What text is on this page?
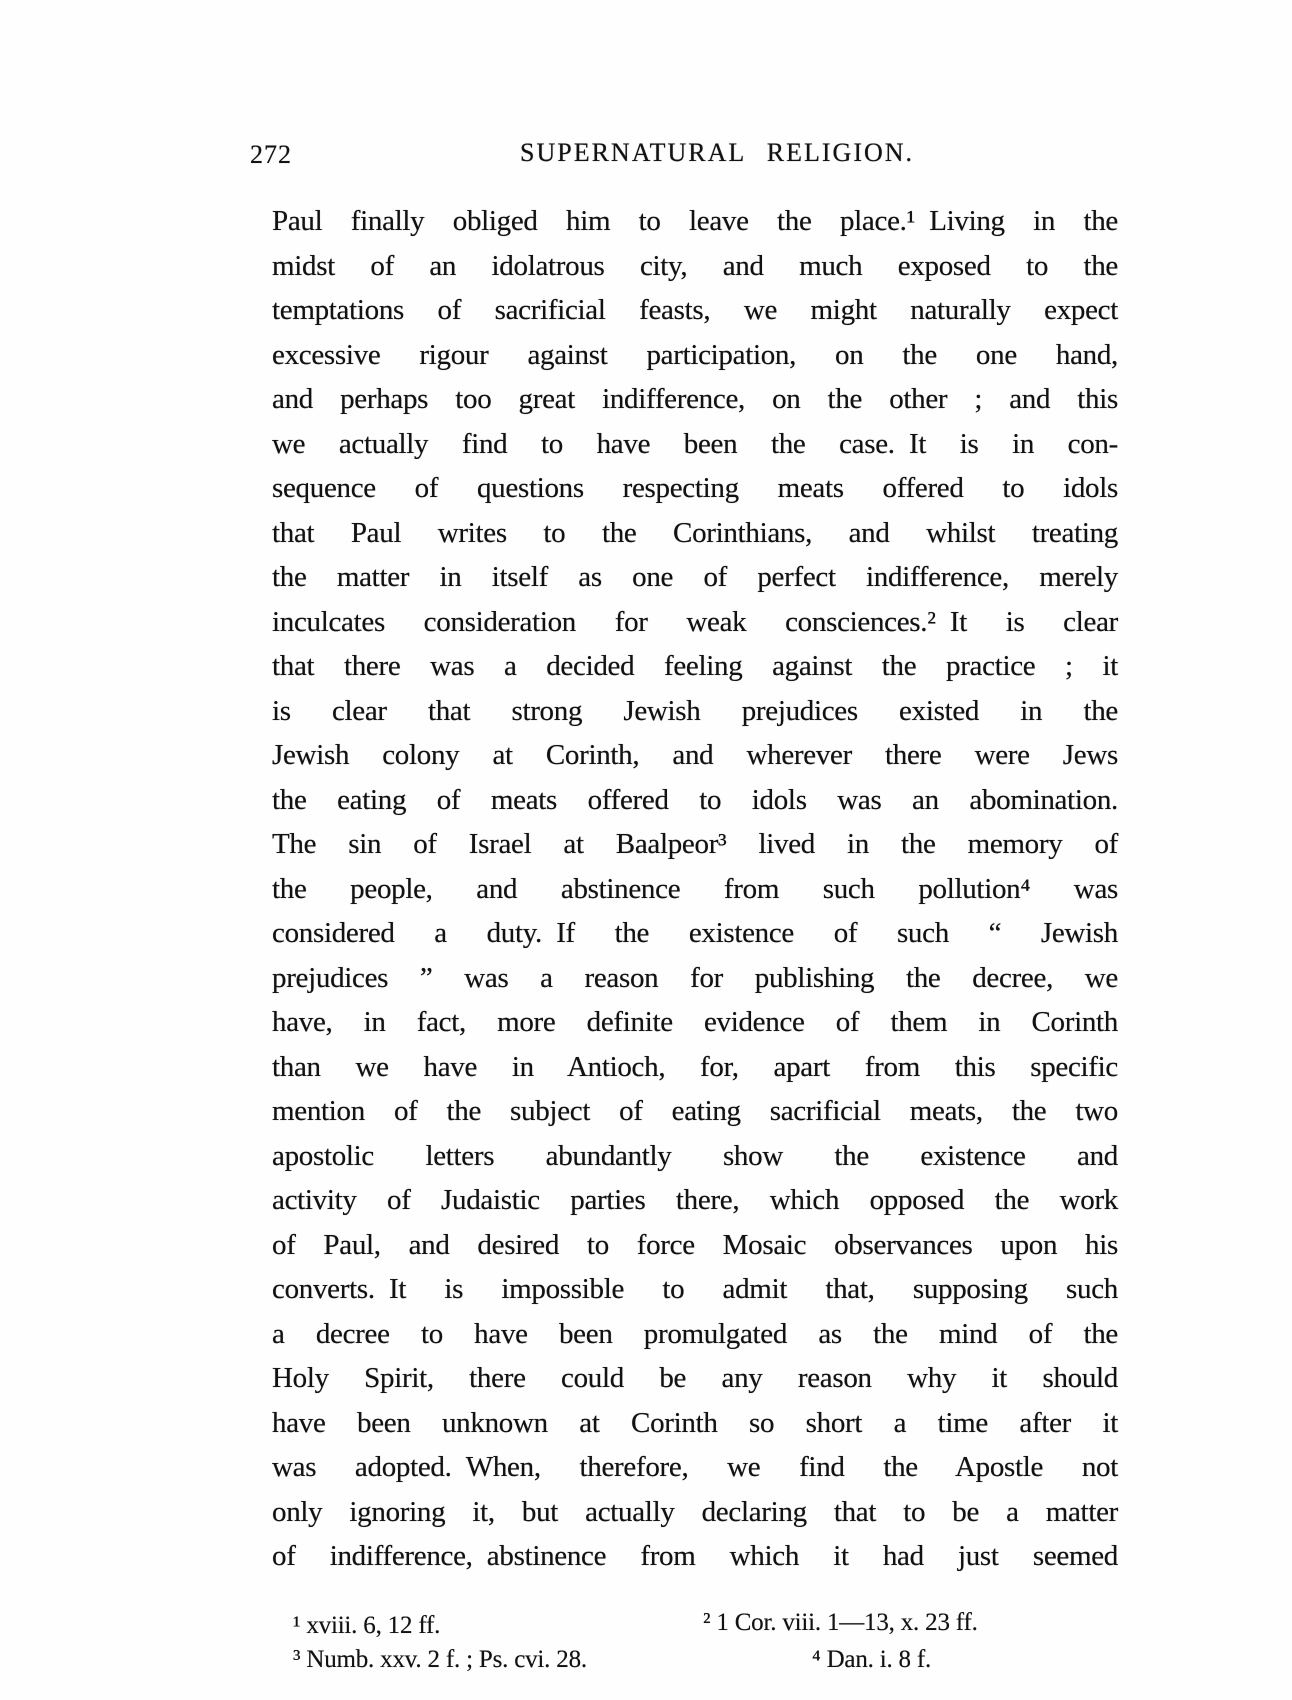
272	SUPERNATURAL RELIGION.
Paul finally obliged him to leave the place.¹ Living in the
midst of an idolatrous city, and much exposed to the
temptations of sacrificial feasts, we might naturally expect
excessive rigour against participation, on the one hand,
and perhaps too great indifference, on the other ; and this
we actually find to have been the case. It is in con-
sequence of questions respecting meats offered to idols
that Paul writes to the Corinthians, and whilst treating
the matter in itself as one of perfect indifference, merely
inculcates consideration for weak consciences.² It is clear
that there was a decided feeling against the practice ; it
is clear that strong Jewish prejudices existed in the
Jewish colony at Corinth, and wherever there were Jews
the eating of meats offered to idols was an abomination.
The sin of Israel at Baalpeor³ lived in the memory of
the people, and abstinence from such pollution⁴ was
considered a duty. If the existence of such “ Jewish
prejudices ” was a reason for publishing the decree, we
have, in fact, more definite evidence of them in Corinth
than we have in Antioch, for, apart from this specific
mention of the subject of eating sacrificial meats, the two
apostolic letters abundantly show the existence and
activity of Judaistic parties there, which opposed the work
of Paul, and desired to force Mosaic observances upon his
converts. It is impossible to admit that, supposing such
a decree to have been promulgated as the mind of the
Holy Spirit, there could be any reason why it should
have been unknown at Corinth so short a time after it
was adopted. When, therefore, we find the Apostle not
only ignoring it, but actually declaring that to be a matter
of indifference, abstinence from which it had just seemed
¹ xviii. 6, 12 ff.	² 1 Cor. viii. 1—13, x. 23 ff.
³ Numb. xxv. 2 f. ; Ps. cvi. 28.	⁴ Dan. i. 8 f.
